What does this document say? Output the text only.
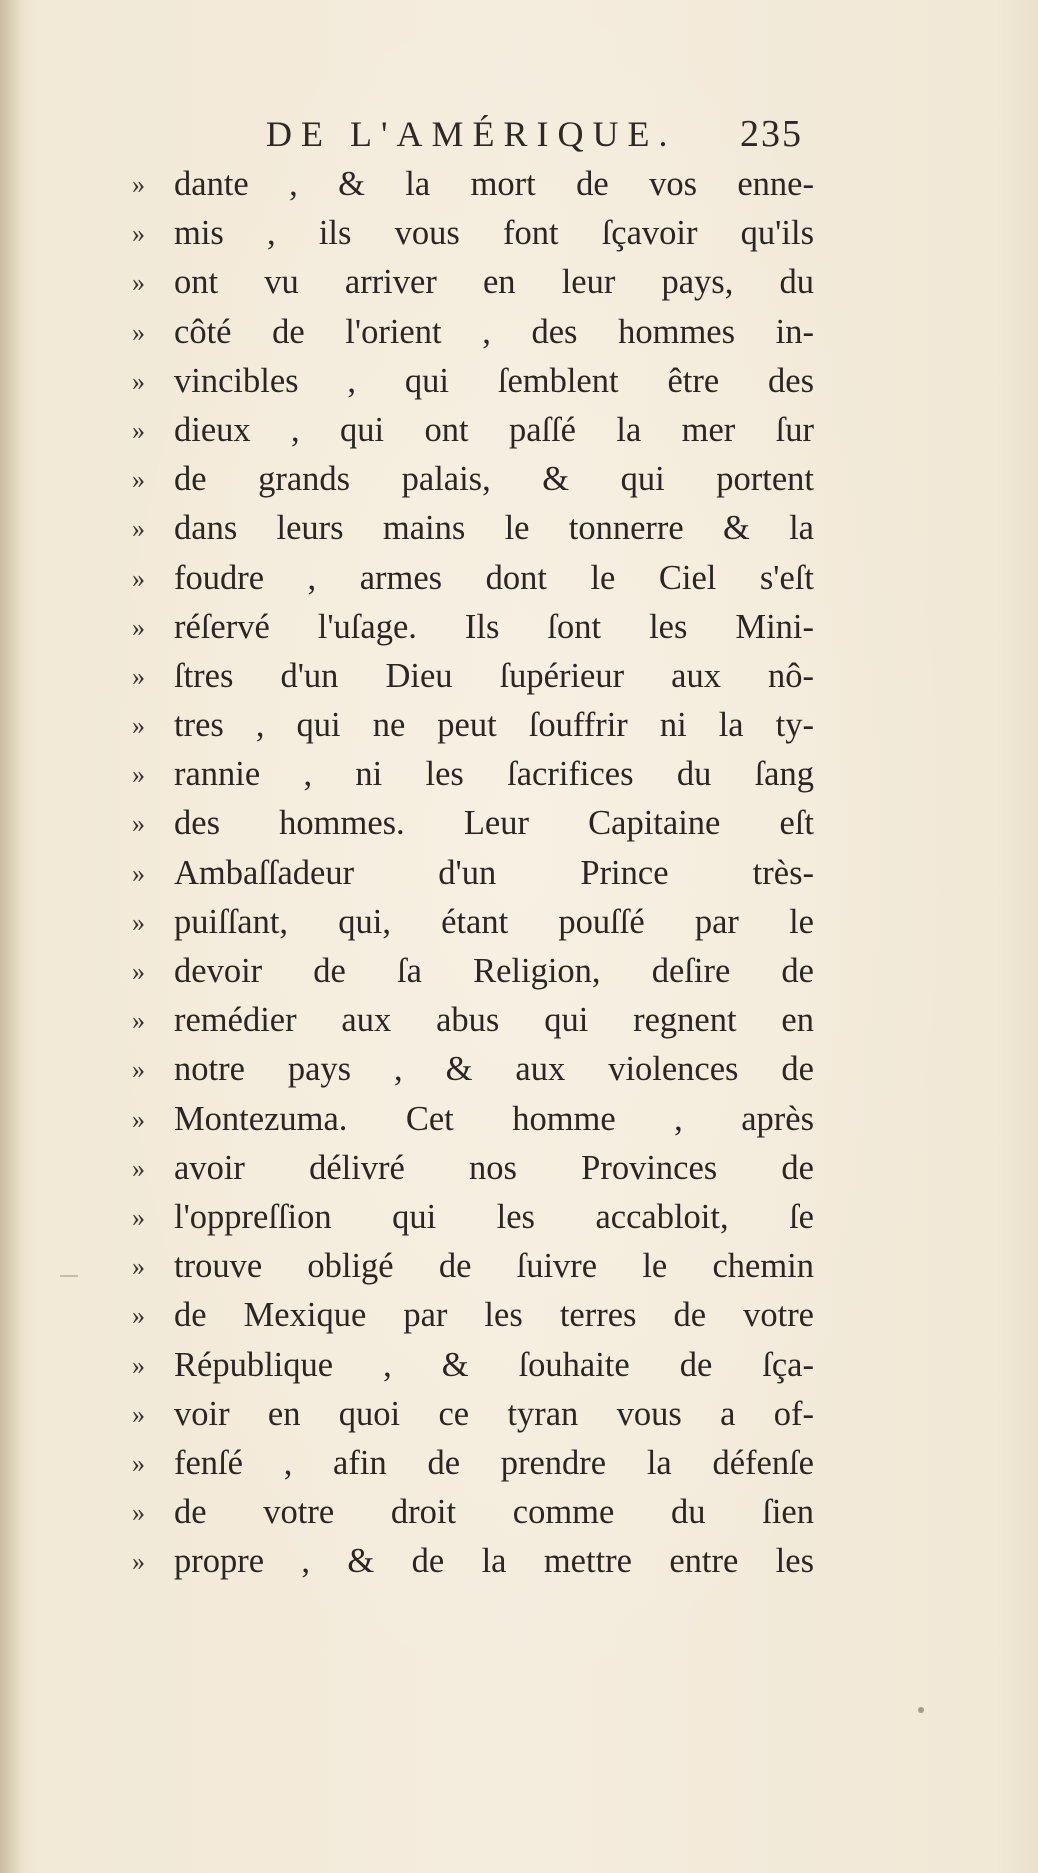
DE L'AMÉRIQUE. 235
» dante , & la mort de vos enne-
» mis , ils vous font ſçavoir qu'ils
» ont vu arriver en leur pays, du
» côté de l'orient , des hommes in-
» vincibles , qui ſemblent être des
» dieux , qui ont paſſé la mer ſur
» de grands palais, & qui portent
» dans leurs mains le tonnerre & la
» foudre , armes dont le Ciel s'eſt
» réſervé l'uſage. Ils ſont les Mini-
» ſtres d'un Dieu ſupérieur aux nô-
» tres , qui ne peut ſouffrir ni la ty-
» rannie , ni les ſacrifices du ſang
» des hommes. Leur Capitaine eſt
» Ambaſſadeur d'un Prince très-
» puiſſant, qui, étant pouſſé par le
» devoir de ſa Religion, deſire de
» remédier aux abus qui regnent en
» notre pays , & aux violences de
» Montezuma. Cet homme , après
» avoir délivré nos Provinces de
» l'oppreſſion qui les accabloit, ſe
» trouve obligé de ſuivre le chemin
» de Mexique par les terres de votre
» République , & ſouhaite de ſça-
» voir en quoi ce tyran vous a of-
» fenſé , afin de prendre la défenſe
» de votre droit comme du ſien
» propre , & de la mettre entre les
